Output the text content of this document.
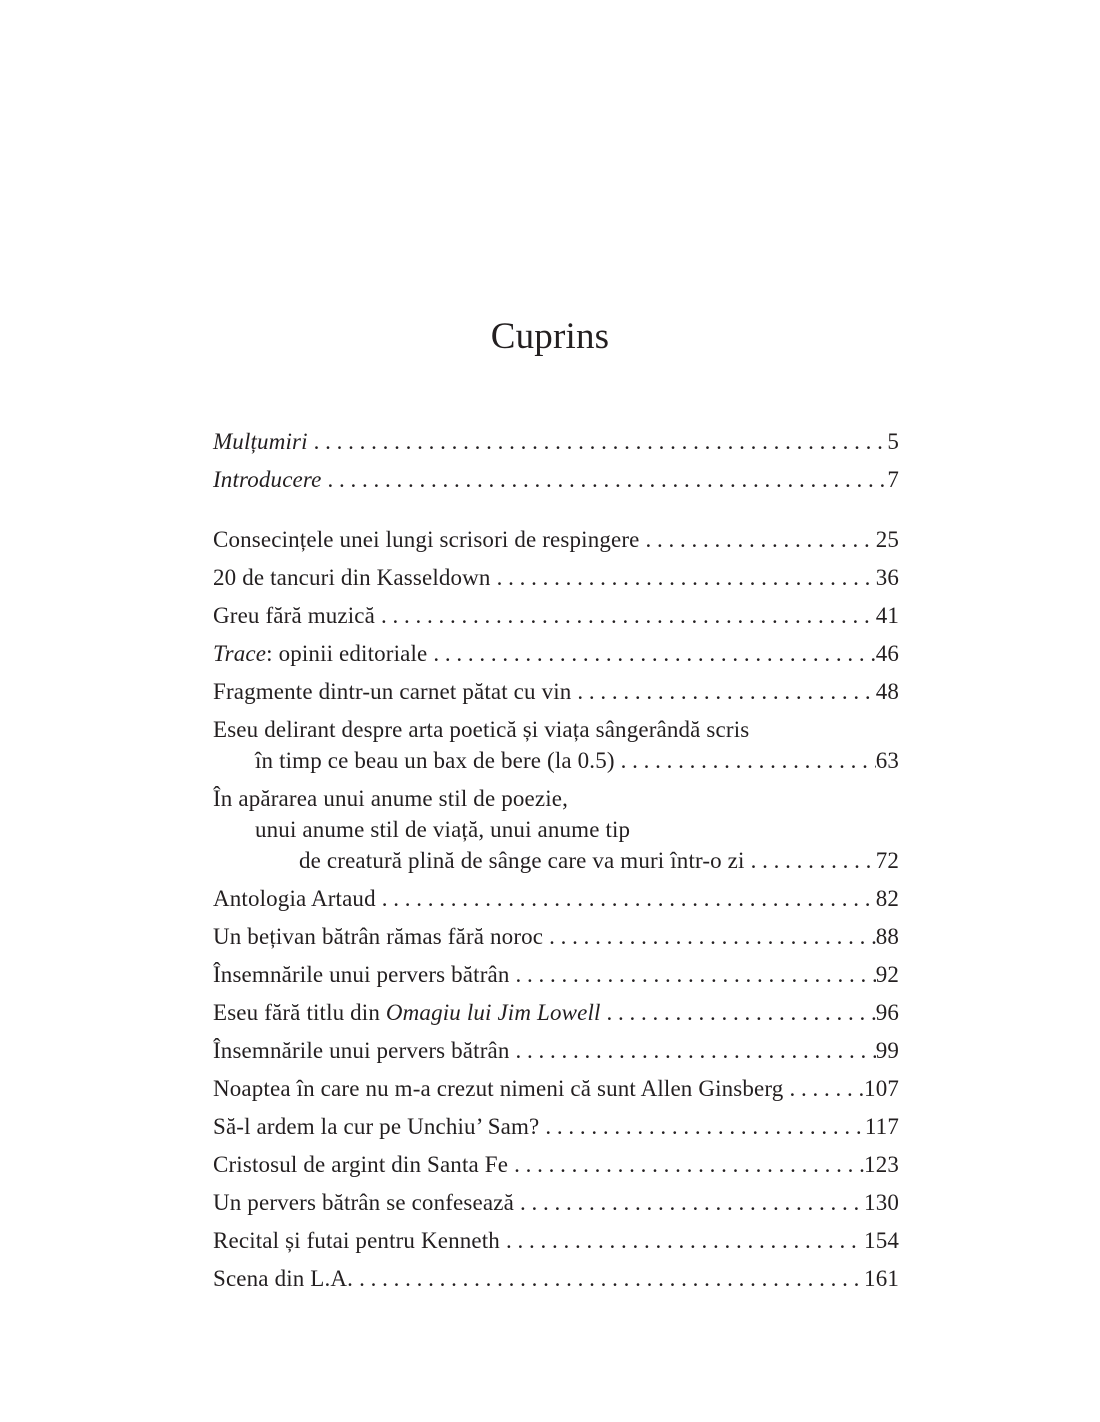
Cuprins
Mulțumiri . . .	5
Introducere . . .	7
Consecințele unei lungi scrisori de respingere . . .	25
20 de tancuri din Kasseldown . . .	36
Greu fără muzică . . .	41
Trace: opinii editoriale . . .	46
Fragmente dintr-un carnet pătat cu vin . . .	48
Eseu delirant despre arta poetică și viața sângerândă scris
în timp ce beau un bax de bere (la 0.5) . . .	63
În apărarea unui anume stil de poezie,
unui anume stil de viață, unui anume tip
de creatură plină de sânge care va muri într-o zi . . .	72
Antologia Artaud . . .	82
Un bețivan bătrân rămas fără noroc . . .	88
Însemnările unui pervers bătrân . . .	92
Eseu fără titlu din Omagiu lui Jim Lowell . . .	96
Însemnările unui pervers bătrân . . .	99
Noaptea în care nu m-a crezut nimeni că sunt Allen Ginsberg . . .	107
Să-l ardem la cur pe Unchiu’ Sam? . . .	117
Cristosul de argint din Santa Fe . . .	123
Un pervers bătrân se confesează . . .	130
Recital și futai pentru Kenneth . . .	154
Scena din L.A. . . .	161
